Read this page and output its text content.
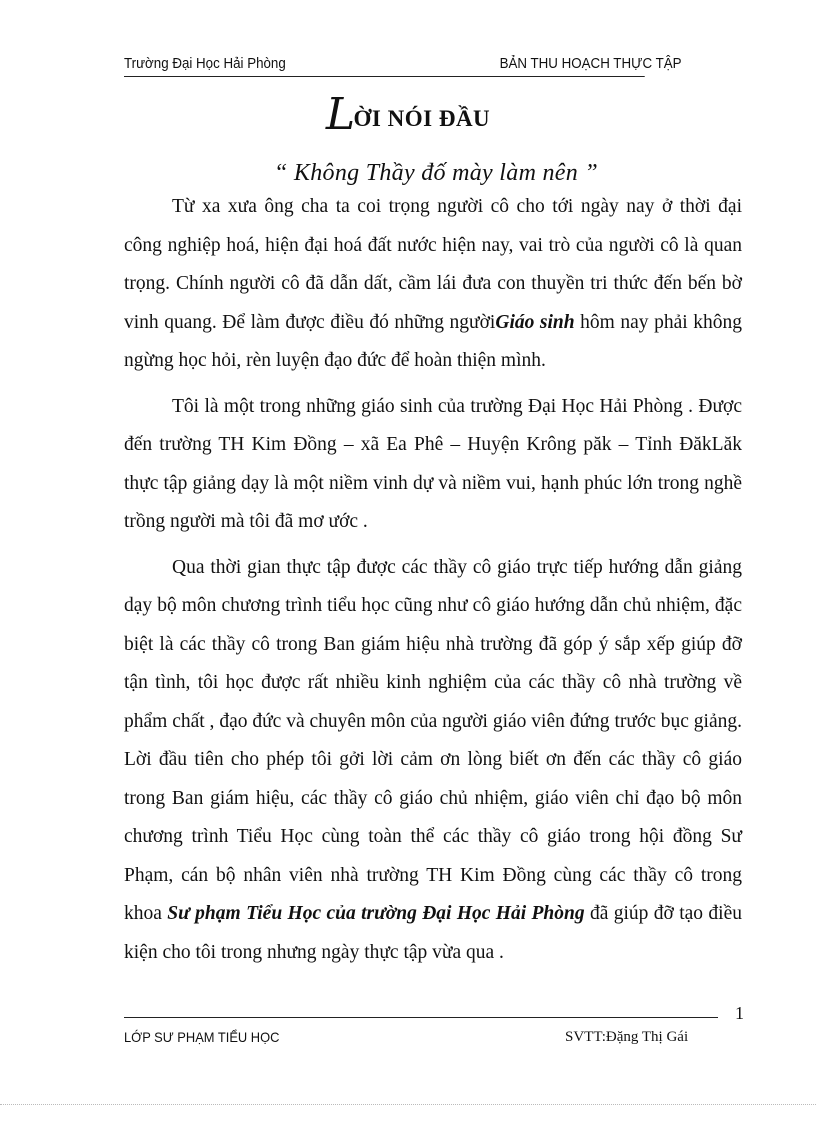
Trường Đại Học Hải Phòng	BẢN THU HOẠCH THỰC TẬP
LỜI NÓI ĐẦU
“ Không Thầy đố mày làm nên ”

Từ xa xưa ông cha ta coi trọng người cô cho tới ngày nay ở thời đại công nghiệp hoá, hiện đại hoá đất nước hiện nay, vai trò của người cô là quan trọng. Chính người cô đã dẫn dất, cầm lái đưa con thuyền tri thức đến bến bờ vinh quang. Để làm được điều đó những ngườiGiáo sinh hôm nay phải không ngừng học hỏi, rèn luyện đạo đức để hoàn thiện mình.

Tôi là một trong những giáo sinh của trường Đại Học Hải Phòng . Được đến trường TH Kim Đồng – xã Ea Phê – Huyện Krông păk – Tỉnh ĐăkLăk thực tập giảng dạy là một niềm vinh dự và niềm vui, hạnh phúc lớn trong nghề trồng người mà tôi đã mơ ước .

Qua thời gian thực tập được các thầy cô giáo trực tiếp hướng dẫn giảng dạy bộ môn chương trình tiểu học cũng như cô giáo hướng dẫn chủ nhiệm, đặc biệt là các thầy cô trong Ban giám hiệu nhà trường đã góp ý sắp xếp giúp đỡ tận tình, tôi học được rất nhiều kinh nghiệm của các thầy cô nhà trường về phẩm chất , đạo đức và chuyên môn của người giáo viên đứng trước bục giảng. Lời đầu tiên cho phép tôi gởi lời cảm ơn lòng biết ơn đến các thầy cô giáo trong Ban giám hiệu, các thầy cô giáo chủ nhiệm, giáo viên chỉ đạo bộ môn chương trình Tiểu Học cùng toàn thể các thầy cô giáo trong hội đồng Sư Phạm, cán bộ nhân viên nhà trường TH Kim Đồng cùng các thầy cô trong khoa Sư phạm Tiểu Học của trường Đại Học Hải Phòng đã giúp đỡ tạo điều kiện cho tôi trong nhưng ngày thực tập vừa qua .

1
LỚP SƯ PHẠM TIỂU HỌC	SVTT:Đặng Thị Gái
